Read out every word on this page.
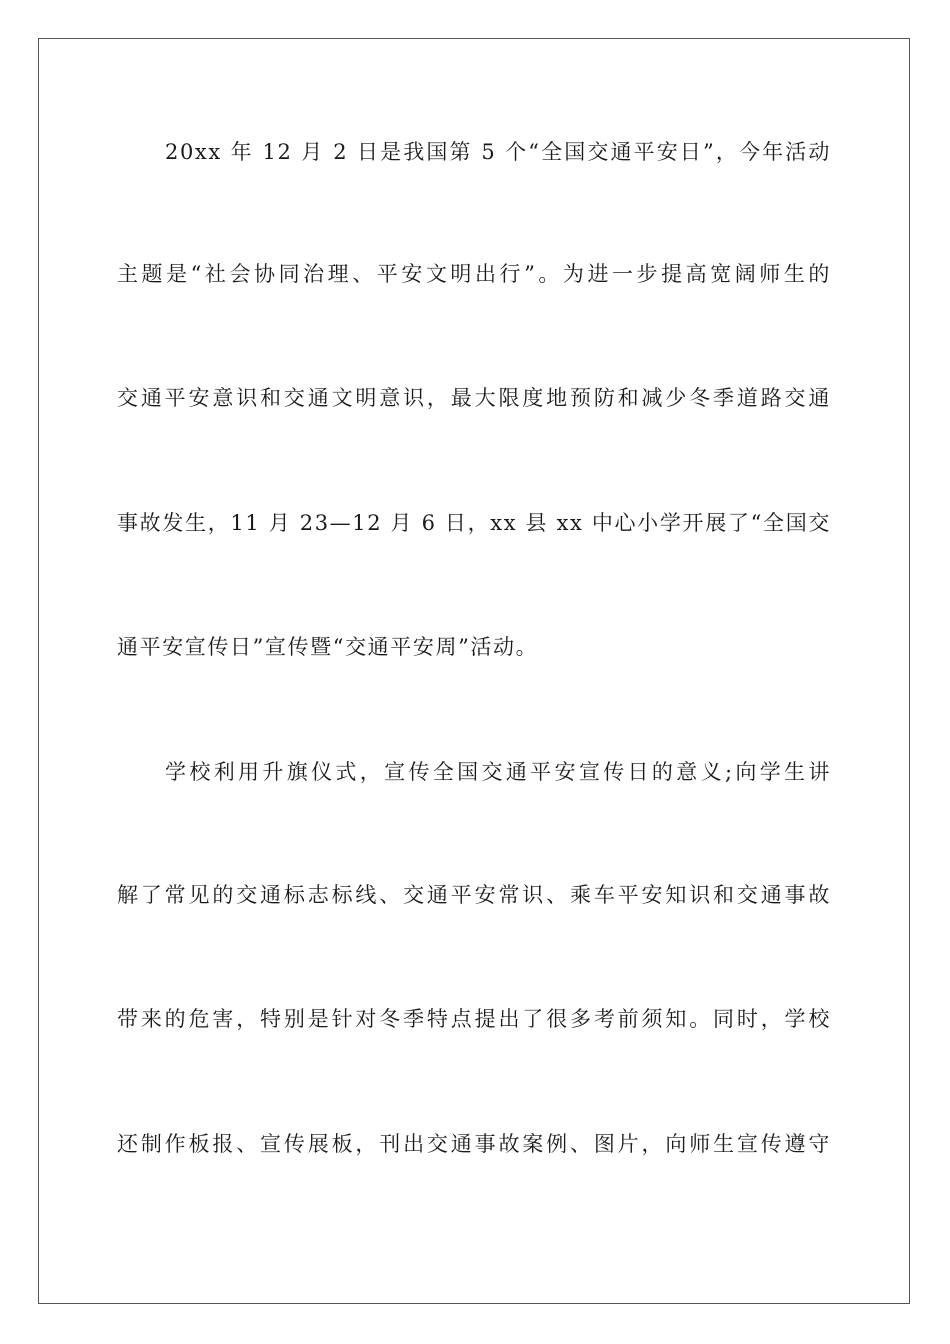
20xx 年 12 月 2 日是我国第 5 个“全国交通平安日”，今年活动
主题是“社会协同治理、平安文明出行”。为进一步提高宽阔师生的
交通平安意识和交通文明意识，最大限度地预防和减少冬季道路交通
事故发生，11 月 23—12 月 6 日，xx 县 xx 中心小学开展了“全国交
通平安宣传日”宣传暨“交通平安周”活动。
学校利用升旗仪式，宣传全国交通平安宣传日的意义;向学生讲
解了常见的交通标志标线、交通平安常识、乘车平安知识和交通事故
带来的危害，特别是针对冬季特点提出了很多考前须知。同时，学校
还制作板报、宣传展板，刊出交通事故案例、图片，向师生宣传遵守
